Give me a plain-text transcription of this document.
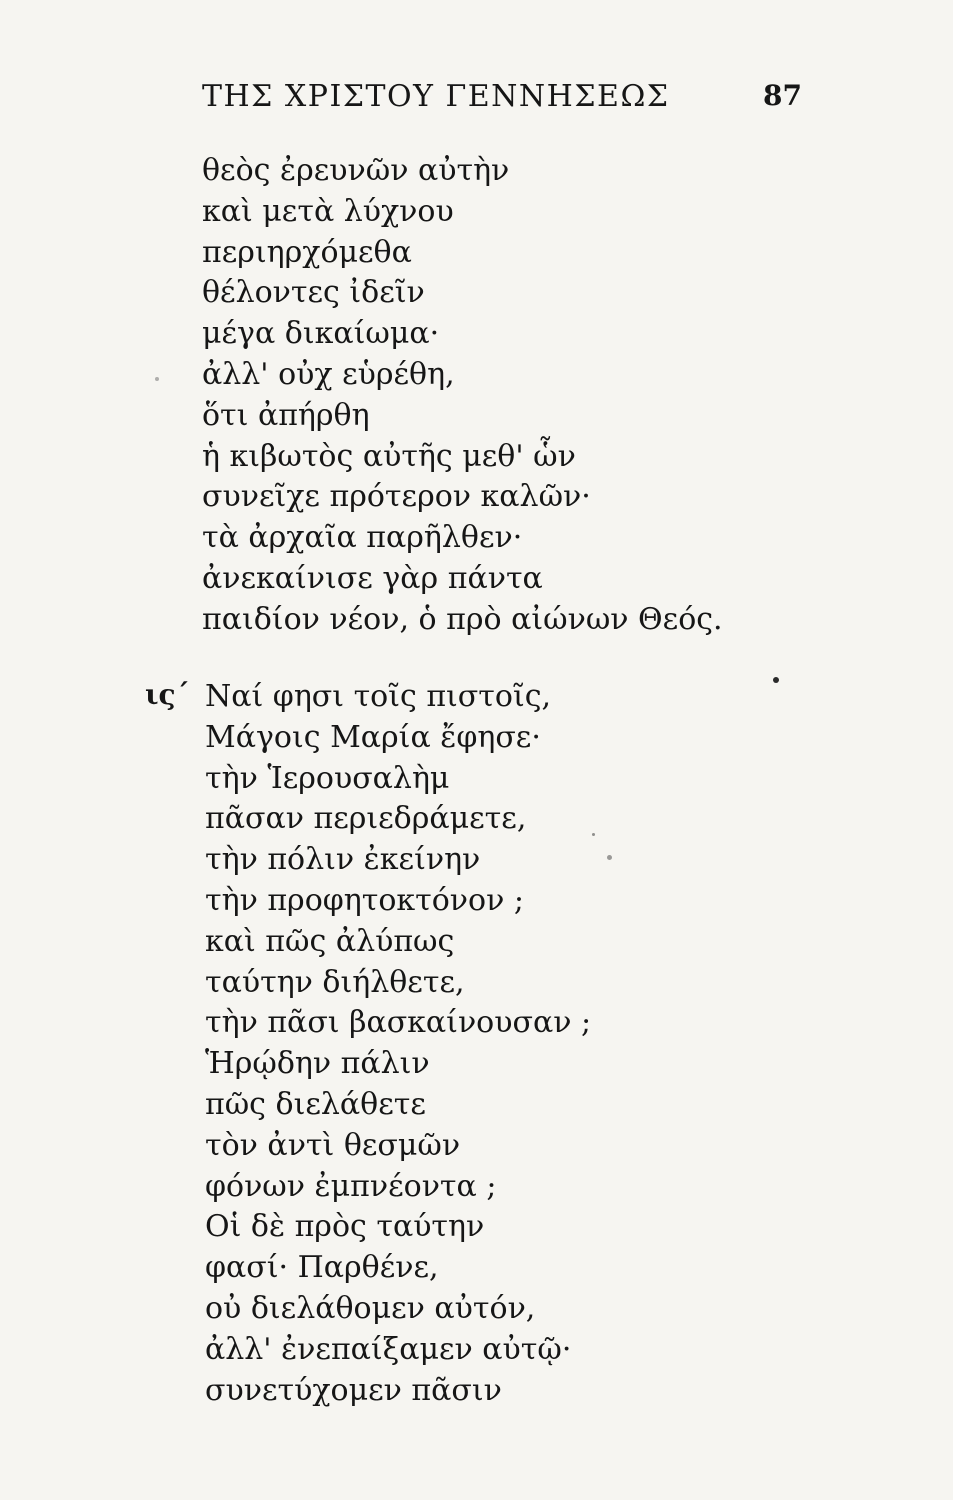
ΤΗΣ ΧΡΙΣΤΟΥ ΓΕΝΝΗΣΕΩΣ	87
θεὸς ἐρευνῶν αὐτὴν
καὶ μετὰ λύχνου
περιηρχόμεθα
θέλοντες ἰδεῖν
μέγα δικαίωμα·
ἀλλ' οὐχ εὑρέθη,
ὅτι ἀπήρθη
ἡ κιβωτὸς αὐτῆς μεθ' ὧν
συνεῖχε πρότερον καλῶν·
τὰ ἀρχαῖα παρῆλθεν·
ἀνεκαίνισε γὰρ πάντα
παιδίον νέον, ὁ πρὸ αἰώνων Θεός.
ις´ Ναί φησι τοῖς πιστοῖς,
Μάγοις Μαρία ἔφησε·
τὴν Ἱερουσαλὴμ
πᾶσαν περιεδράμετε,
τὴν πόλιν ἐκείνην
τὴν προφητοκτόνον ;
καὶ πῶς ἀλύπως
ταύτην διήλθετε,
τὴν πᾶσι βασκαίνουσαν ;
Ἡρῴδην πάλιν
πῶς διελάθετε
τὸν ἀντὶ θεσμῶν
φόνων ἐμπνέοντα ;
Οἱ δὲ πρὸς ταύτην
φασί· Παρθένε,
οὐ διελάθομεν αὐτόν,
ἀλλ' ἐνεπαίξαμεν αὐτῷ·
συνετύχομεν πᾶσιν
